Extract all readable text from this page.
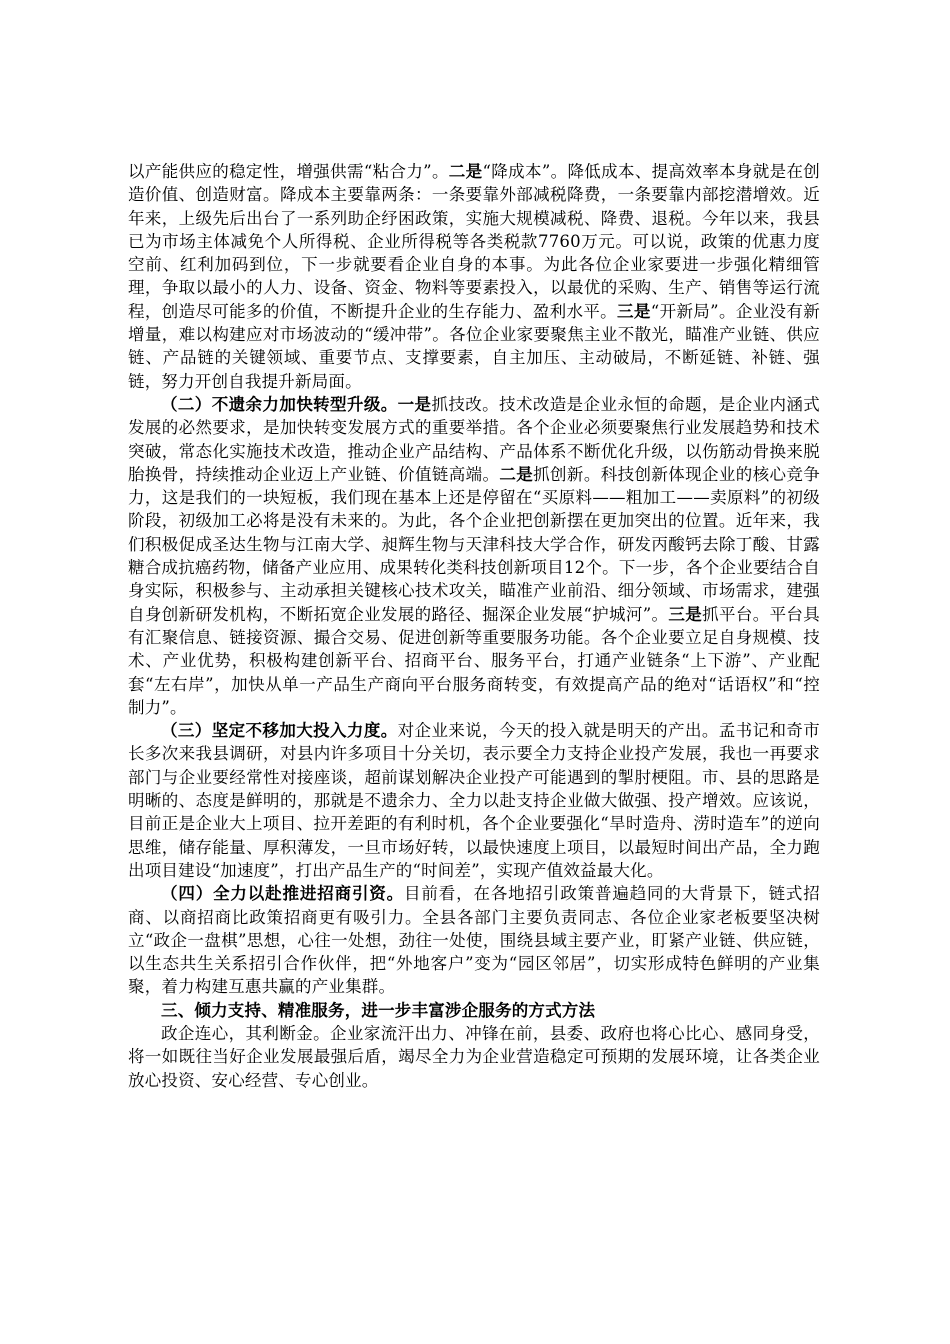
以产能供应的稳定性，增强供需“粘合力”。二是“降成本”。降低成本、提高效率本身就是在创造价值、创造财富。降成本主要靠两条：一条要靠外部减税降费，一条要靠内部挖潜增效。近年来，上级先后出台了一系列助企纾困政策，实施大规模减税、降费、退税。今年以来，我县已为市场主体减免个人所得税、企业所得税等各类税款7760万元。可以说，政策的优惠力度空前、红利加码到位，下一步就要看企业自身的本事。为此各位企业家要进一步强化精细管理，争取以最小的人力、设备、资金、物料等要素投入，以最优的采购、生产、销售等运行流程，创造尽可能多的价值，不断提升企业的生存能力、盈利水平。三是“开新局”。企业没有新增量，难以构建应对市场波动的“缓冲带”。各位企业家要聚焦主业不散光，瞄准产业链、供应链、产品链的关键领域、重要节点、支撑要素，自主加压、主动破局，不断延链、补链、强链，努力开创自我提升新局面。

（二）不遗余力加快转型升级。一是抓技改。技术改造是企业永恒的命题，是企业内涵式发展的必然要求，是加快转变发展方式的重要举措。各个企业必须要聚焦行业发展趋势和技术突破，常态化实施技术改造，推动企业产品结构、产品体系不断优化升级，以伤筋动骨换来脱胎换骨，持续推动企业迈上产业链、价值链高端。二是抓创新。科技创新体现企业的核心竞争力，这是我们的一块短板，我们现在基本上还是停留在“买原料——粗加工——卖原料”的初级阶段，初级加工必将是没有未来的。为此，各个企业把创新摆在更加突出的位置。近年来，我们积极促成圣达生物与江南大学、昶辉生物与天津科技大学合作，研发丙酸钙去除丁酸、甘露糖合成抗癌药物，储备产业应用、成果转化类科技创新项目12个。下一步，各个企业要结合自身实际，积极参与、主动承担关键核心技术攻关，瞄准产业前沿、细分领域、市场需求，建强自身创新研发机构，不断拓宽企业发展的路径、掘深企业发展“护城河”。三是抓平台。平台具有汇聚信息、链接资源、撮合交易、促进创新等重要服务功能。各个企业要立足自身规模、技术、产业优势，积极构建创新平台、招商平台、服务平台，打通产业链条“上下游”、产业配套“左右岸”，加快从单一产品生产商向平台服务商转变，有效提高产品的绝对“话语权”和“控制力”。

（三）坚定不移加大投入力度。对企业来说，今天的投入就是明天的产出。孟书记和奇市长多次来我县调研，对县内许多项目十分关切，表示要全力支持企业投产发展，我也一再要求部门与企业要经常性对接座谈，超前谋划解决企业投产可能遇到的掣肘梗阻。市、县的思路是明晰的、态度是鲜明的，那就是不遗余力、全力以赴支持企业做大做强、投产增效。应该说，目前正是企业大上项目、拉开差距的有利时机，各个企业要强化“旱时造舟、涝时造车”的逆向思维，储存能量、厚积薄发，一旦市场好转，以最快速度上项目，以最短时间出产品，全力跑出项目建设“加速度”，打出产品生产的“时间差”，实现产值效益最大化。

（四）全力以赴推进招商引资。目前看，在各地招引政策普遍趋同的大背景下，链式招商、以商招商比政策招商更有吸引力。全县各部门主要负责同志、各位企业家老板要坚决树立“政企一盘棋”思想，心往一处想，劲往一处使，围绕县域主要产业，盯紧产业链、供应链，以生态共生关系招引合作伙伴，把“外地客户”变为“园区邻居”，切实形成特色鲜明的产业集聚，着力构建互惠共赢的产业集群。

三、倾力支持、精准服务，进一步丰富涉企服务的方式方法

政企连心，其利断金。企业家流汗出力、冲锋在前，县委、政府也将心比心、感同身受，将一如既往当好企业发展最强后盾，竭尽全力为企业营造稳定可预期的发展环境，让各类企业放心投资、安心经营、专心创业。
